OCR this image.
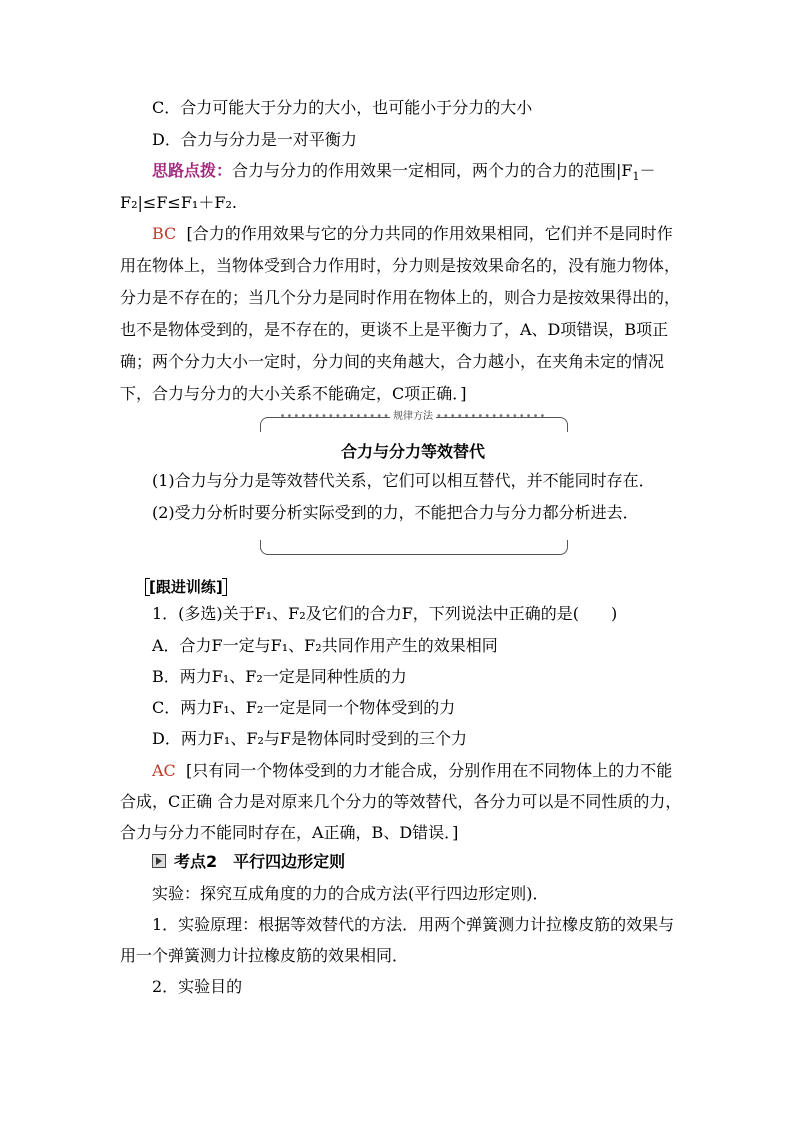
C．合力可能大于分力的大小，也可能小于分力的大小
D．合力与分力是一对平衡力
思路点拨：合力与分力的作用效果一定相同，两个力的合力的范围$|F_1-$
F₂|≤F≤F₁＋F₂.
BC [合力的作用效果与它的分力共同的作用效果相同，它们并不是同时作
用在物体上，当物体受到合力作用时，分力则是按效果命名的，没有施力物体，
分力是不存在的；当几个分力是同时作用在物体上的，则合力是按效果得出的，
也不是物体受到的，是不存在的，更谈不上是平衡力了，A、D项错误，B项正
确；两个分力大小一定时，分力间的夹角越大，合力越小，在夹角未定的情况
下，合力与分力的大小关系不能确定，C项正确．]
•••••••••••••••• 规律方法 ••••••••••••••••
合力与分力等效替代
(1)合力与分力是等效替代关系，它们可以相互替代，并不能同时存在．
(2)受力分析时要分析实际受到的力，不能把合力与分力都分析进去．
[跟进训练]
1．(多选)关于F₁、F₂及它们的合力F，下列说法中正确的是(　　)
A．合力F一定与F₁、F₂共同作用产生的效果相同
B．两力F₁、F₂一定是同种性质的力
C．两力F₁、F₂一定是同一个物体受到的力
D．两力F₁、F₂与F是物体同时受到的三个力
AC [只有同一个物体受到的力才能合成，分别作用在不同物体上的力不能
合成，C正确 合力是对原来几个分力的等效替代，各分力可以是不同性质的力，
合力与分力不能同时存在，A正确，B、D错误．]
考点2　平行四边形定则
实验：探究互成角度的力的合成方法(平行四边形定则)．
1．实验原理：根据等效替代的方法．用两个弹簧测力计拉橡皮筋的效果与
用一个弹簧测力计拉橡皮筋的效果相同．
2．实验目的
